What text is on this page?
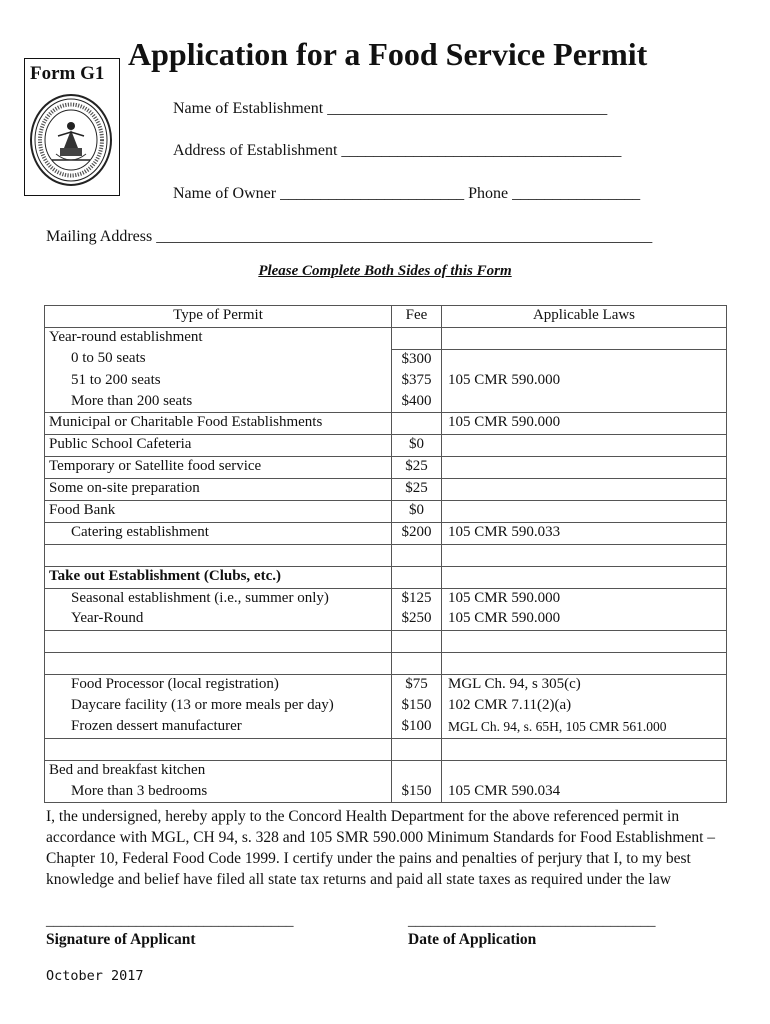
Form G1
Application for a Food Service Permit
Name of Establishment ___________________________________
Address of Establishment ___________________________________
Name of Owner _______________________ Phone ________________
Mailing Address ______________________________________________________________
Please Complete Both Sides of this Form
Type of Permit	Fee	Applicable Laws
Year-round establishment		
0 to 50 seats	$300	
51 to 200 seats	$375	105 CMR 590.000
More than 200 seats	$400	
Municipal or Charitable Food Establishments		105 CMR 590.000
Public School Cafeteria	$0	
Temporary or Satellite food service	$25	
Some on-site preparation	$25	
Food Bank	$0	
Catering establishment	$200	105 CMR 590.033

Take out Establishment (Clubs, etc.)		
Seasonal establishment (i.e., summer only)	$125	105 CMR 590.000
Year-Round	$250	105 CMR 590.000

Food Processor (local registration)	$75	MGL Ch. 94, s 305(c)
Daycare facility (13 or more meals per day)	$150	102 CMR 7.11(2)(a)
Frozen dessert manufacturer	$100	MGL Ch. 94, s. 65H, 105 CMR 561.000

Bed and breakfast kitchen		
More than 3 bedrooms	$150	105 CMR 590.034
I, the undersigned, hereby apply to the Concord Health Department for the above referenced permit in accordance with MGL, CH 94, s. 328 and 105 SMR 590.000 Minimum Standards for Food Establishment – Chapter 10, Federal Food Code 1999. I certify under the pains and penalties of perjury that I, to my best knowledge and belief have filed all state tax returns and paid all state taxes as required under the law
_________________________________	_________________________________
Signature of Applicant	Date of Application
October 2017
